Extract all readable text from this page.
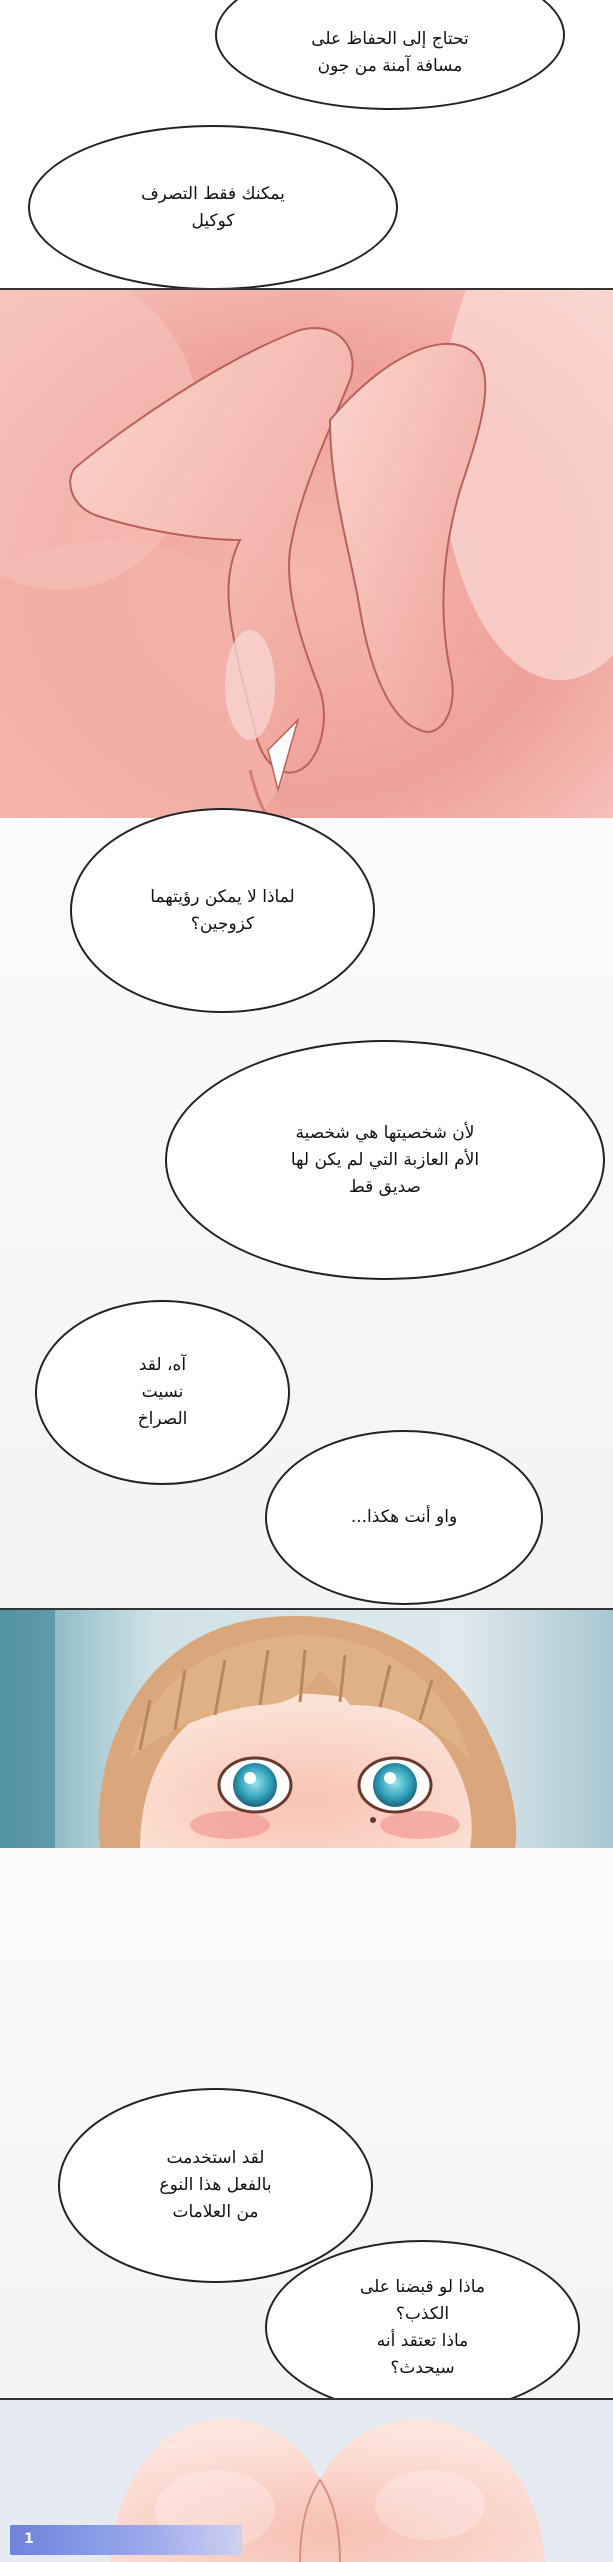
تحتاج إلى الحفاظ على
مسافة آمنة من جون
يمكنك فقط التصرف
كوكيل
لماذا لا يمكن رؤيتهما
كزوجين؟
لأن شخصيتها هي شخصية
الأم العازبة التي لم يكن لها
صديق قط
آه، لقد
نسيت
الصراخ
واو أنت هكذا...
لقد استخدمت
بالفعل هذا النوع
من العلامات
ماذا لو قبضنا على
الكذب؟
ماذا تعتقد أنه
سيحدث؟
1
